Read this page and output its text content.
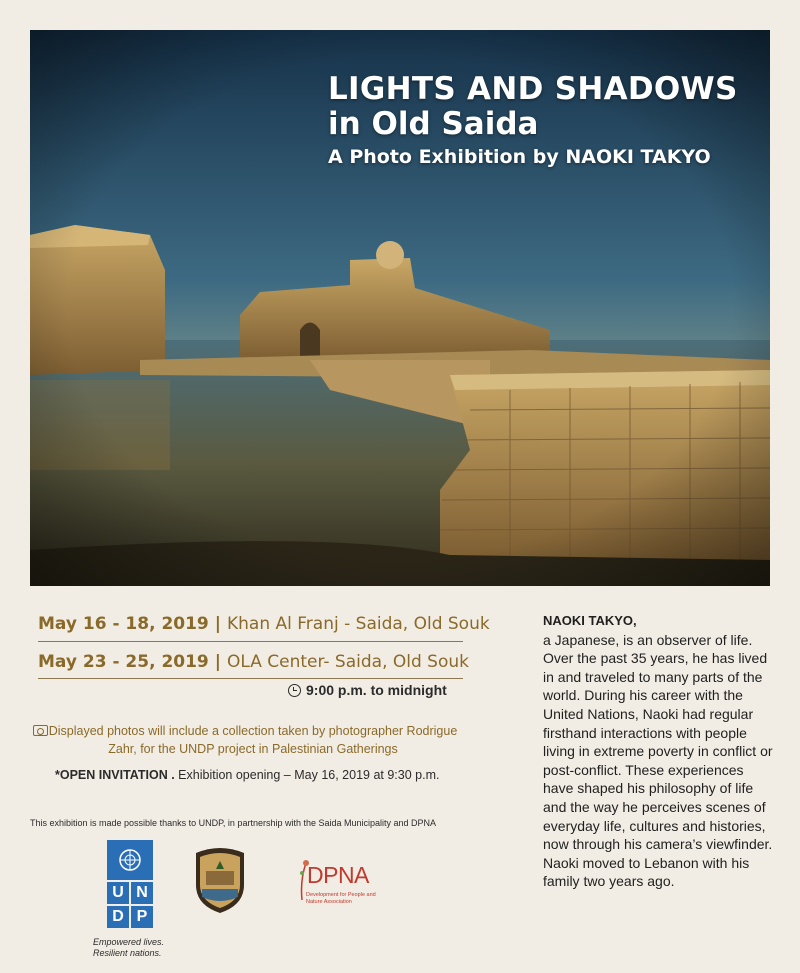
LIGHTS AND SHADOWS
in Old Saida
A Photo Exhibition by NAOKI TAKYO
May 16 - 18, 2019 | Khan Al Franj - Saida, Old Souk
May 23 - 25, 2019 | OLA Center- Saida, Old Souk
9:00 p.m. to midnight
Displayed photos will include a collection taken by photographer Rodrigue Zahr, for the UNDP project in Palestinian Gatherings
*OPEN INVITATION . Exhibition opening – May 16, 2019 at 9:30 p.m.
This exhibition is made possible thanks to UNDP, in partnership with the Saida Municipality and DPNA
U N
D P
Empowered lives.
Resilient nations.
DPNA
Development for People and Nature Association
NAOKI TAKYO,
a Japanese, is an observer of life. Over the past 35 years, he has lived in and traveled to many parts of the world. During his career with the United Nations, Naoki had regular firsthand interactions with people living in extreme poverty in conflict or post-conflict. These experiences have shaped his philosophy of life and the way he perceives scenes of everyday life, cultures and histories, now through his camera’s viewfinder. Naoki moved to Lebanon with his family two years ago.
